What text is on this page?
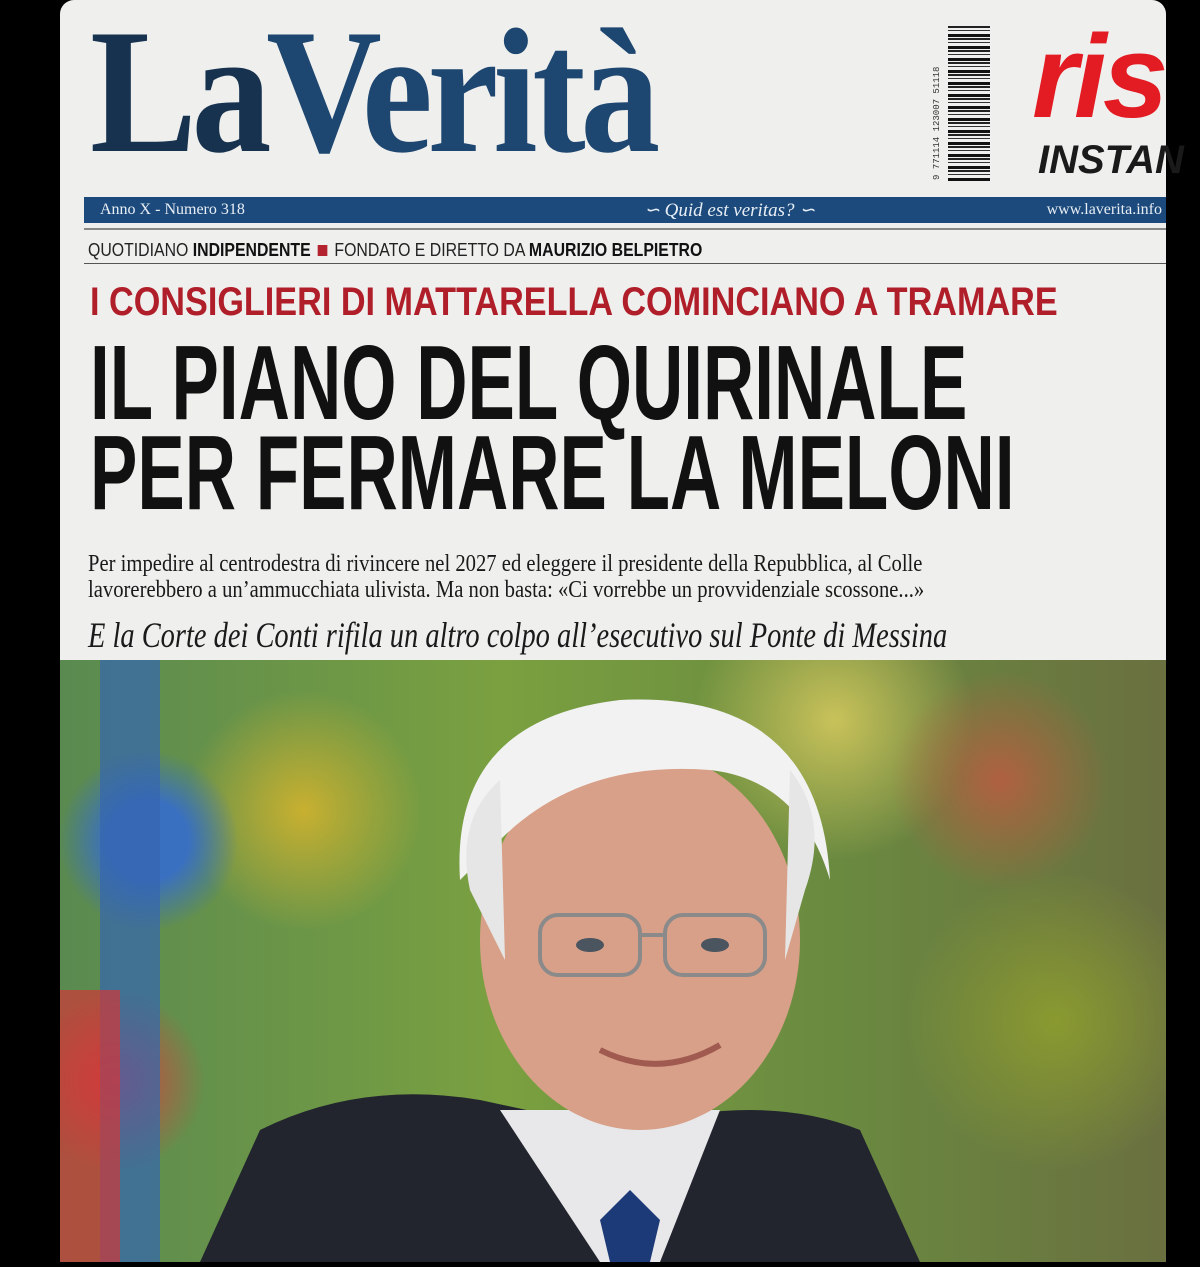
LaVerità	9 771114 123007 51118 ris
INSTAN
Anno X - Numero 318	∽ Quid est veritas? ∽	www.laverita.info
QUOTIDIANO INDIPENDENTE FONDATO E DIRETTO DA MAURIZIO BELPIETRO
I CONSIGLIERI DI MATTARELLA COMINCIANO A TRAMARE
IL PIANO DEL QUIRINALE
PER FERMARE LA MELONI
Per impedire al centrodestra di rivincere nel 2027 ed eleggere il presidente della Repubblica, al Colle
lavorerebbero a un’ammucchiata ulivista. Ma non basta: «Ci vorrebbe un provvidenziale scossone...»
E la Corte dei Conti rifila un altro colpo all’esecutivo sul Ponte di Messina
